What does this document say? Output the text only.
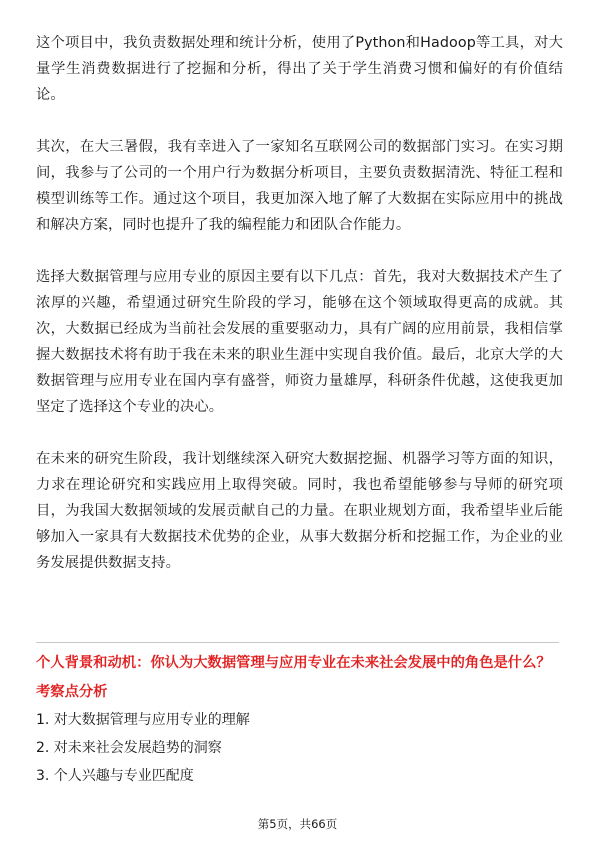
这个项目中，我负责数据处理和统计分析，使用了Python和Hadoop等工具，对大量学生消费数据进行了挖掘和分析，得出了关于学生消费习惯和偏好的有价值结论。

其次，在大三暑假，我有幸进入了一家知名互联网公司的数据部门实习。在实习期间，我参与了公司的一个用户行为数据分析项目，主要负责数据清洗、特征工程和模型训练等工作。通过这个项目，我更加深入地了解了大数据在实际应用中的挑战和解决方案，同时也提升了我的编程能力和团队合作能力。

选择大数据管理与应用专业的原因主要有以下几点：首先，我对大数据技术产生了浓厚的兴趣，希望通过研究生阶段的学习，能够在这个领域取得更高的成就。其次，大数据已经成为当前社会发展的重要驱动力，具有广阔的应用前景，我相信掌握大数据技术将有助于我在未来的职业生涯中实现自我价值。最后，北京大学的大数据管理与应用专业在国内享有盛誉，师资力量雄厚，科研条件优越，这使我更加坚定了选择这个专业的决心。

在未来的研究生阶段，我计划继续深入研究大数据挖掘、机器学习等方面的知识，力求在理论研究和实践应用上取得突破。同时，我也希望能够参与导师的研究项目，为我国大数据领域的发展贡献自己的力量。在职业规划方面，我希望毕业后能够加入一家具有大数据技术优势的企业，从事大数据分析和挖掘工作，为企业的业务发展提供数据支持。

个人背景和动机：你认为大数据管理与应用专业在未来社会发展中的角色是什么？

考察点分析

1. 对大数据管理与应用专业的理解
2. 对未来社会发展趋势的洞察
3. 个人兴趣与专业匹配度
第5页，共66页
